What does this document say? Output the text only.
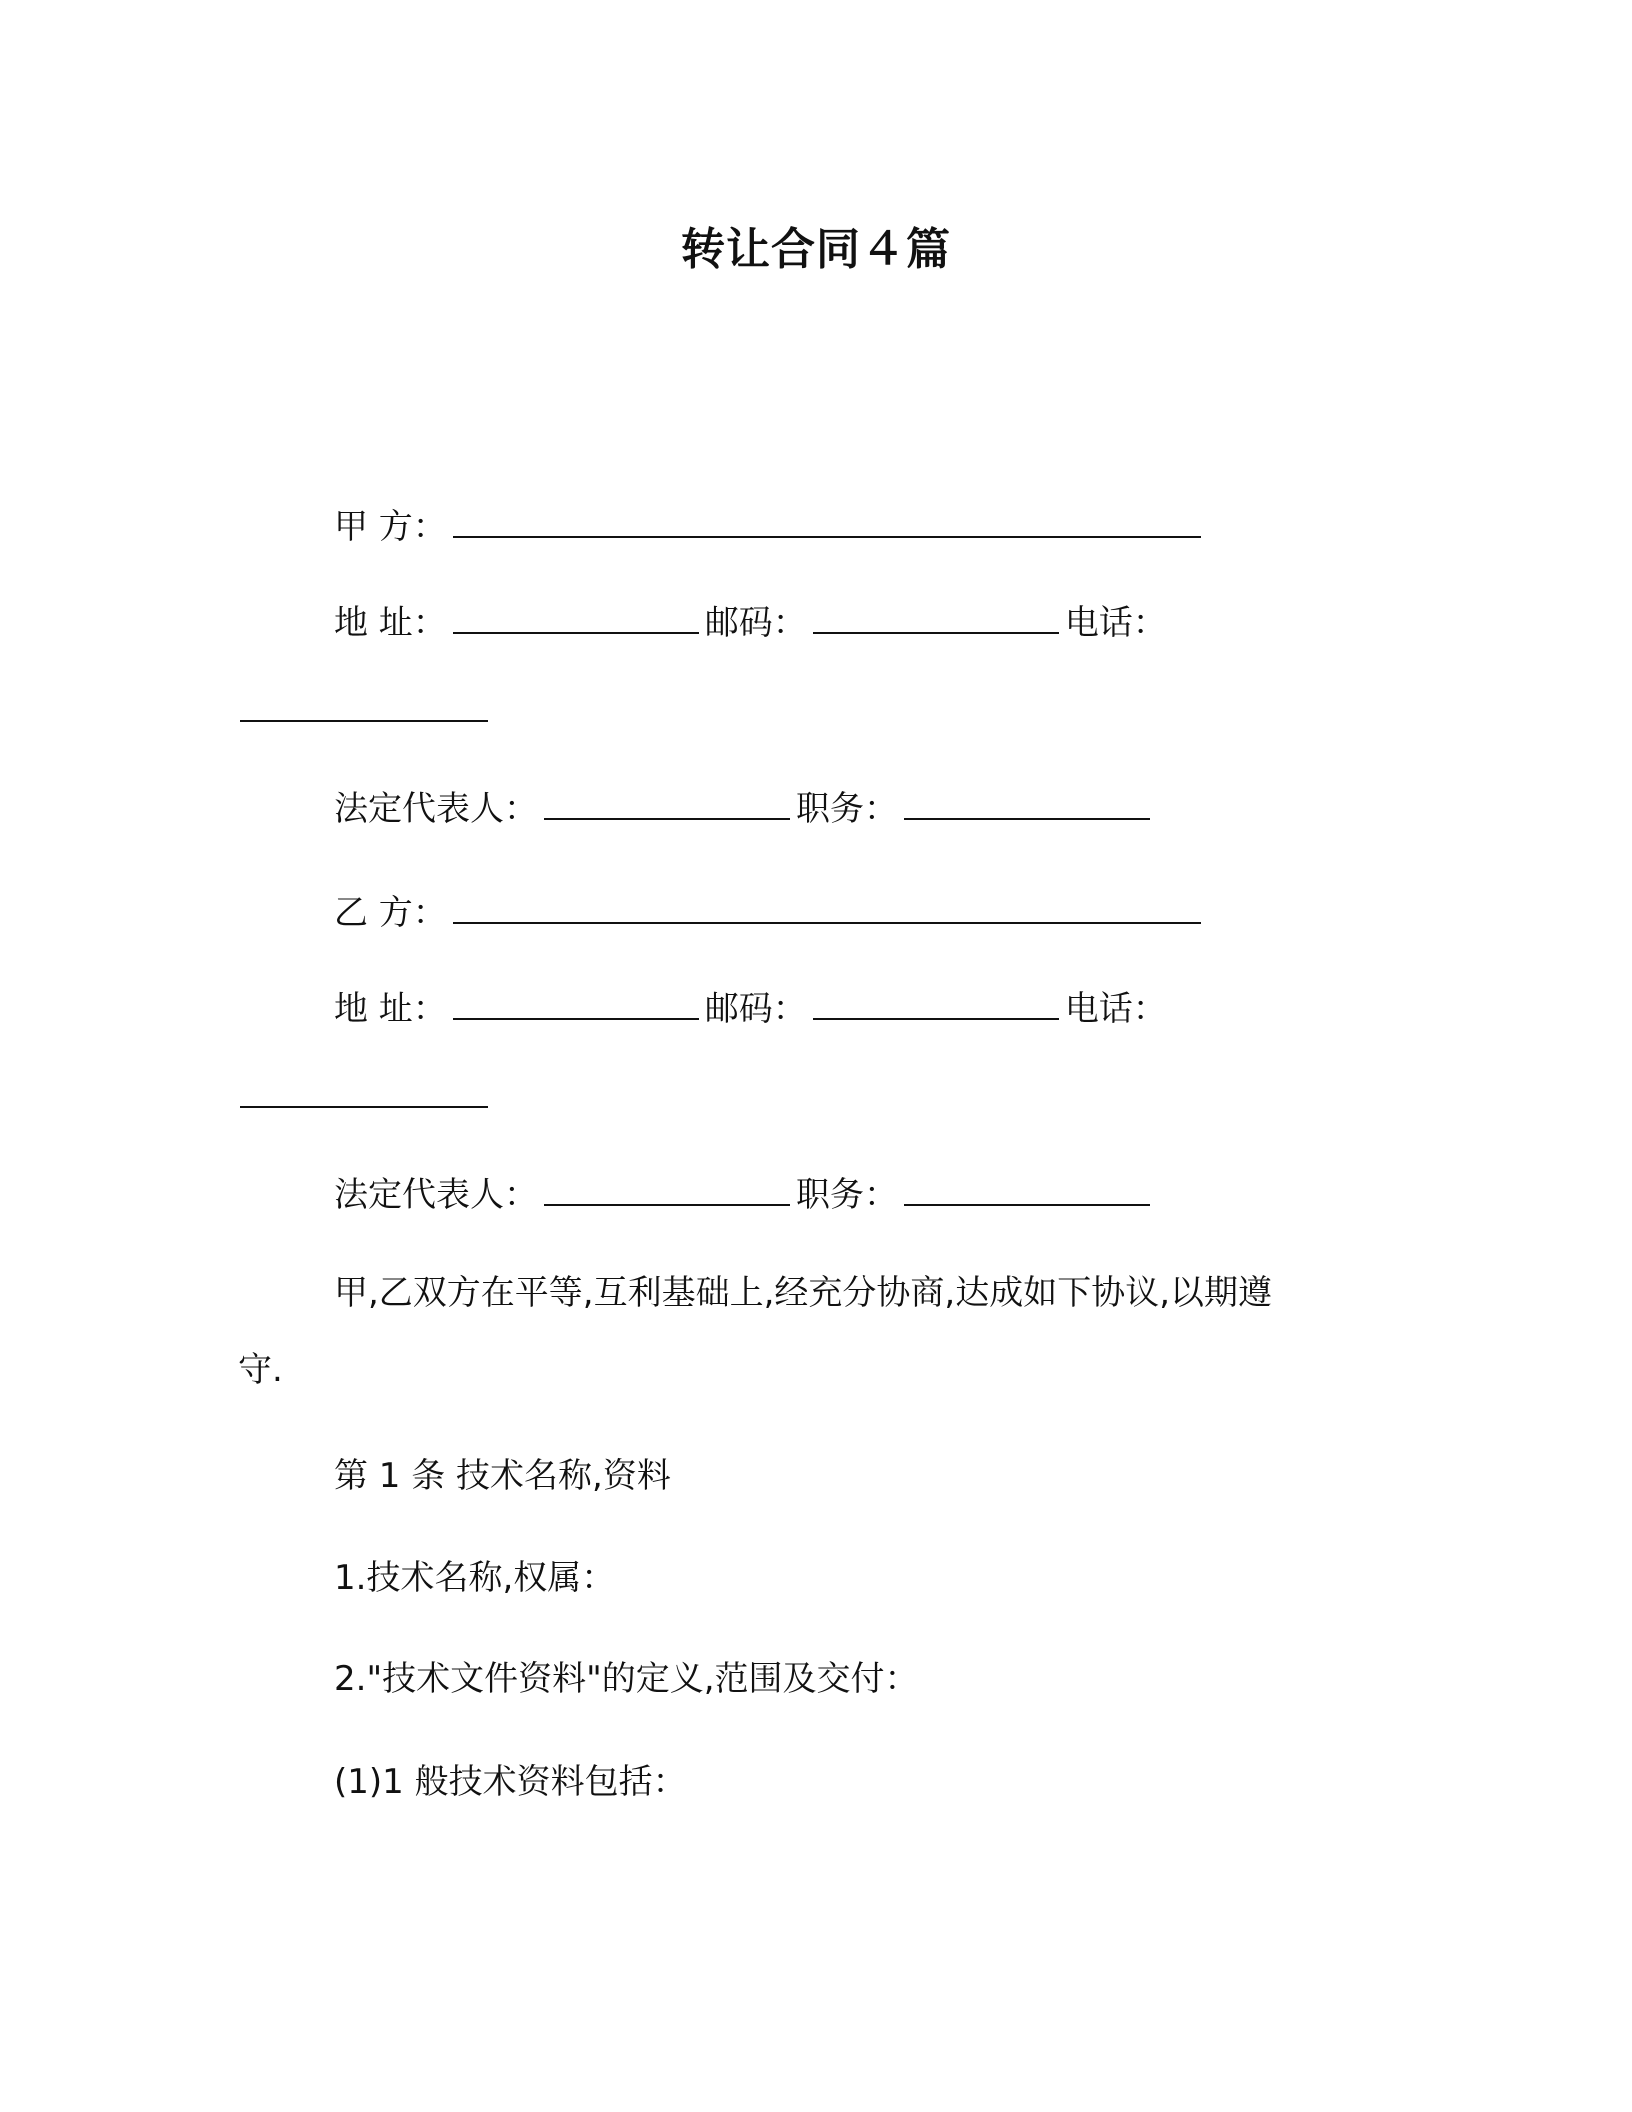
转让合同４篇
甲 方：
地 址：	邮码：	电话：
法定代表人：	职务：
乙 方：
地 址：	邮码：	电话：
法定代表人：	职务：
甲,乙双方在平等,互利基础上,经充分协商,达成如下协议,以期遵
守.
第 1 条 技术名称,资料
1.技术名称,权属：
2."技术文件资料"的定义,范围及交付：
(1)1 般技术资料包括：
